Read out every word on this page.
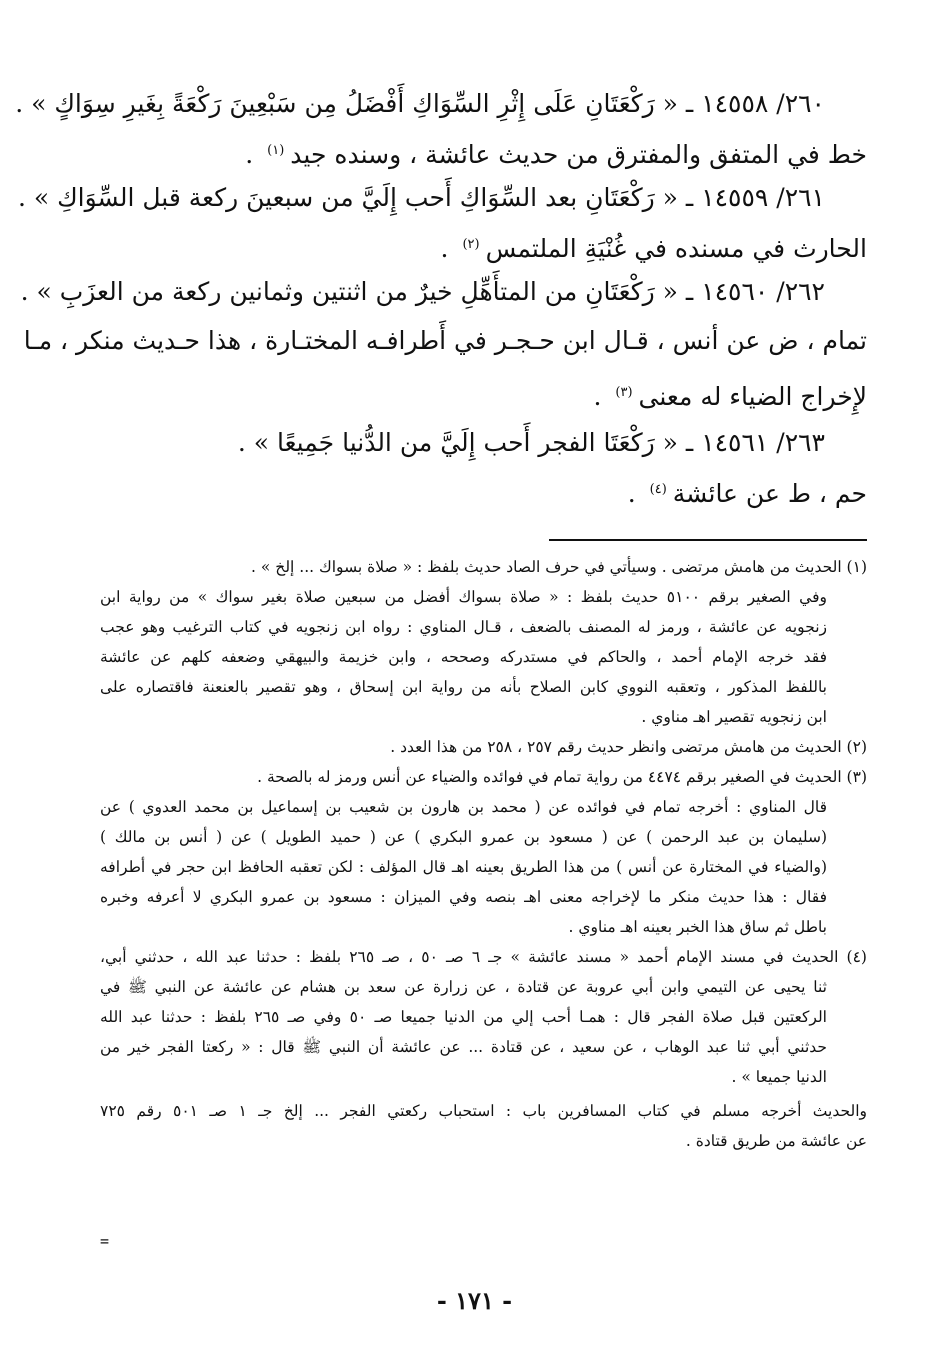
٢٦٠/ ١٤٥٥٨ ـ « رَكْعَتَانِ عَلَى إِثْرِ السِّوَاكِ أَفْضَلُ مِن سَبْعِينَ رَكْعَةً بِغَيرِ سِوَاكٍ » .
خط في المتفق والمفترق من حديث عائشة ، وسنده جيد$^{(١)}$ .
٢٦١/ ١٤٥٥٩ ـ « رَكْعَتَانِ بعد السِّوَاكِ أَحب إِلَيَّ من سبعينَ ركعة قبل السِّوَاكِ » .
الحارث في مسنده في غُنْيَةِ الملتمس$^{(٢)}$ .
٢٦٢/ ١٤٥٦٠ ـ « رَكْعَتَانِ من المتأَهِّلِ خيرٌ من اثنتين وثمانين ركعة من العزَبِ » .
تمام ، ض عن أنس ، قـال ابن حـجـر في أَطرافـه المختـارة ، هذا حـديث منكر ، مـا
لإِخراج الضياء له معنى$^{(٣)}$ .
٢٦٣/ ١٤٥٦١ ـ « رَكْعَتَا الفجر أَحب إِلَيَّ من الدُّنيا جَمِيعًا » .
حم ، ط عن عائشة$^{(٤)}$ .
(١) الحديث من هامش مرتضى . وسيأتي في حرف الصاد حديث بلفظ : « صلاة بسواك ... إلخ » .
وفي الصغير برقم ٥١٠٠ حديث بلفظ : « صلاة بسواك أفضل من سبعين صلاة بغير سواك » من رواية ابن
زنجويه عن عائشة ، ورمز له المصنف بالضعف ، قـال المناوي : رواه ابن زنجويه في كتاب الترغيب وهو عجب
فقد خرجه الإمام أحمد ، والحاكم في مستدركه وصححه ، وابن خزيمة والبيهقي وضعفه كلهم عن عائشة
باللفظ المذكور ، وتعقبه النووي كابن الصلاح بأنه من رواية ابن إسحاق ، وهو تقصير بالعنعنة فاقتصاره على
ابن زنجويه تقصير اهـ مناوي .
(٢) الحديث من هامش مرتضى وانظر حديث رقم ٢٥٧ ، ٢٥٨ من هذا العدد .
(٣) الحديث في الصغير برقم ٤٤٧٤ من رواية تمام في فوائده والضياء عن أنس ورمز له بالصحة .
قال المناوي : أخرجه تمام في فوائده عن ( محمد بن هارون بن شعيب بن إسماعيل بن محمد العدوي ) عن
(سليمان بن عبد الرحمن ) عن ( مسعود بن عمرو البكري ) عن ( حميد الطويل ) عن ( أنس بن مالك )
(والضياء في المختارة عن أنس ) من هذا الطريق بعينه اهـ قال المؤلف : لكن تعقبه الحافظ ابن حجر في أطرافه
فقال : هذا حديث منكر ما لإخراجه معنى اهـ بنصه وفي الميزان : مسعود بن عمرو البكري لا أعرفه وخبره
باطل ثم ساق هذا الخبر بعينه اهـ مناوي .
(٤) الحديث في مسند الإمام أحمد « مسند عائشة » جـ ٦ صـ ٥٠ ، صـ ٢٦٥ بلفظ : حدثنا عبد الله ، حدثني أبي،
ثنا يحيى عن التيمي وابن أبي عروبة عن قتادة ، عن زرارة عن سعد بن هشام عن عائشة عن النبي ﷺ في
الركعتين قبل صلاة الفجر قال : همـا أحب إلي من الدنيا جميعا صـ ٥٠ وفي صـ ٢٦٥ بلفظ : حدثنا عبد الله
حدثني أبي ثنا عبد الوهاب ، عن سعيد ، عن قتادة ... عن عائشة أن النبي ﷺ قال : « ركعتا الفجر خير من
الدنيا جميعا » .
والحديث أخرجه مسلم في كتاب المسافرين باب : استحباب ركعتي الفجر ... إلخ جـ ١ صـ ٥٠١ رقم ٧٢٥
عن عائشة من طريق قتادة .
=
- ١٧١ -
